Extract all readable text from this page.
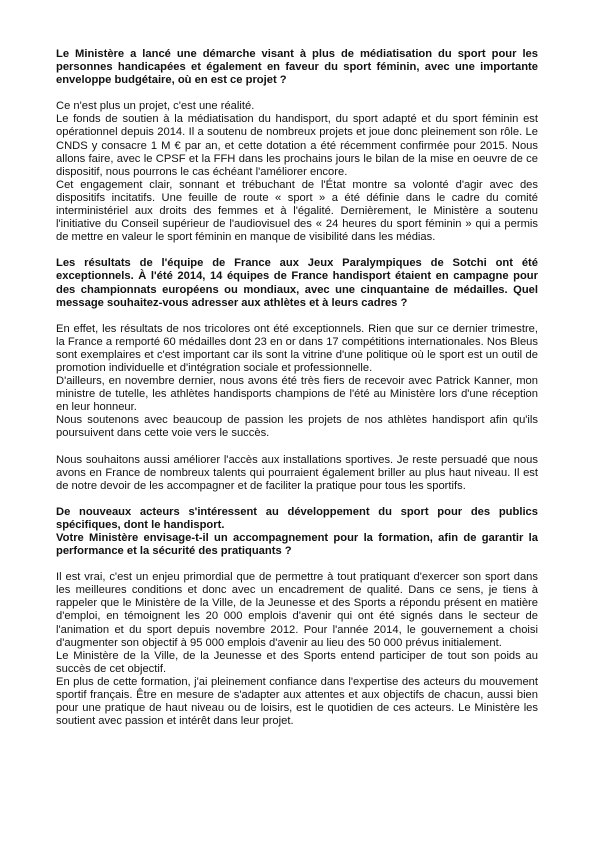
Le Ministère a lancé une démarche visant à plus de médiatisation du sport pour les personnes handicapées et également en faveur du sport féminin, avec une importante enveloppe budgétaire, où en est ce projet ?

Ce n'est plus un projet, c'est une réalité.

Le fonds de soutien à la médiatisation du handisport, du sport adapté et du sport féminin est opérationnel depuis 2014. Il a soutenu de nombreux projets et joue donc pleinement son rôle. Le CNDS y consacre 1 M € par an, et cette dotation a été récemment confirmée pour 2015. Nous allons faire, avec le CPSF et la FFH dans les prochains jours le bilan de la mise en oeuvre de ce dispositif, nous pourrons le cas échéant l'améliorer encore.

Cet engagement clair, sonnant et trébuchant de l'État montre sa volonté d'agir avec des dispositifs incitatifs. Une feuille de route « sport » a été définie dans le cadre du comité interministériel aux droits des femmes et à l'égalité. Dernièrement, le Ministère a soutenu l'initiative du Conseil supérieur de l'audiovisuel des « 24 heures du sport féminin » qui a permis de mettre en valeur le sport féminin en manque de visibilité dans les médias.

Les résultats de l'équipe de France aux Jeux Paralympiques de Sotchi ont été exceptionnels. À l'été 2014, 14 équipes de France handisport étaient en campagne pour des championnats européens ou mondiaux, avec une cinquantaine de médailles. Quel message souhaitez-vous adresser aux athlètes et à leurs cadres ?

En effet, les résultats de nos tricolores ont été exceptionnels. Rien que sur ce dernier trimestre, la France a remporté 60 médailles dont 23 en or dans 17 compétitions internationales. Nos Bleus sont exemplaires et c'est important car ils sont la vitrine d'une politique où le sport est un outil de promotion individuelle et d'intégration sociale et professionnelle.

D'ailleurs, en novembre dernier, nous avons été très fiers de recevoir avec Patrick Kanner, mon ministre de tutelle, les athlètes handisports champions de l'été au Ministère lors d'une réception en leur honneur.

Nous soutenons avec beaucoup de passion les projets de nos athlètes handisport afin qu'ils poursuivent dans cette voie vers le succès.

Nous souhaitons aussi améliorer l'accès aux installations sportives. Je reste persuadé que nous avons en France de nombreux talents qui pourraient également briller au plus haut niveau. Il est de notre devoir de les accompagner et de faciliter la pratique pour tous les sportifs.

De nouveaux acteurs s'intéressent au développement du sport pour des publics spécifiques, dont le handisport.

Votre Ministère envisage-t-il un accompagnement pour la formation, afin de garantir la performance et la sécurité des pratiquants ?

Il est vrai, c'est un enjeu primordial que de permettre à tout pratiquant d'exercer son sport dans les meilleures conditions et donc avec un encadrement de qualité. Dans ce sens, je tiens à rappeler que le Ministère de la Ville, de la Jeunesse et des Sports a répondu présent en matière d'emploi, en témoignent les 20 000 emplois d'avenir qui ont été signés dans le secteur de l'animation et du sport depuis novembre 2012. Pour l'année 2014, le gouvernement a choisi d'augmenter son objectif à 95 000 emplois d'avenir au lieu des 50 000 prévus initialement.

Le Ministère de la Ville, de la Jeunesse et des Sports entend participer de tout son poids au succès de cet objectif.

En plus de cette formation, j'ai pleinement confiance dans l'expertise des acteurs du mouvement sportif français. Être en mesure de s'adapter aux attentes et aux objectifs de chacun, aussi bien pour une pratique de haut niveau ou de loisirs, est le quotidien de ces acteurs. Le Ministère les soutient avec passion et intérêt dans leur projet.
